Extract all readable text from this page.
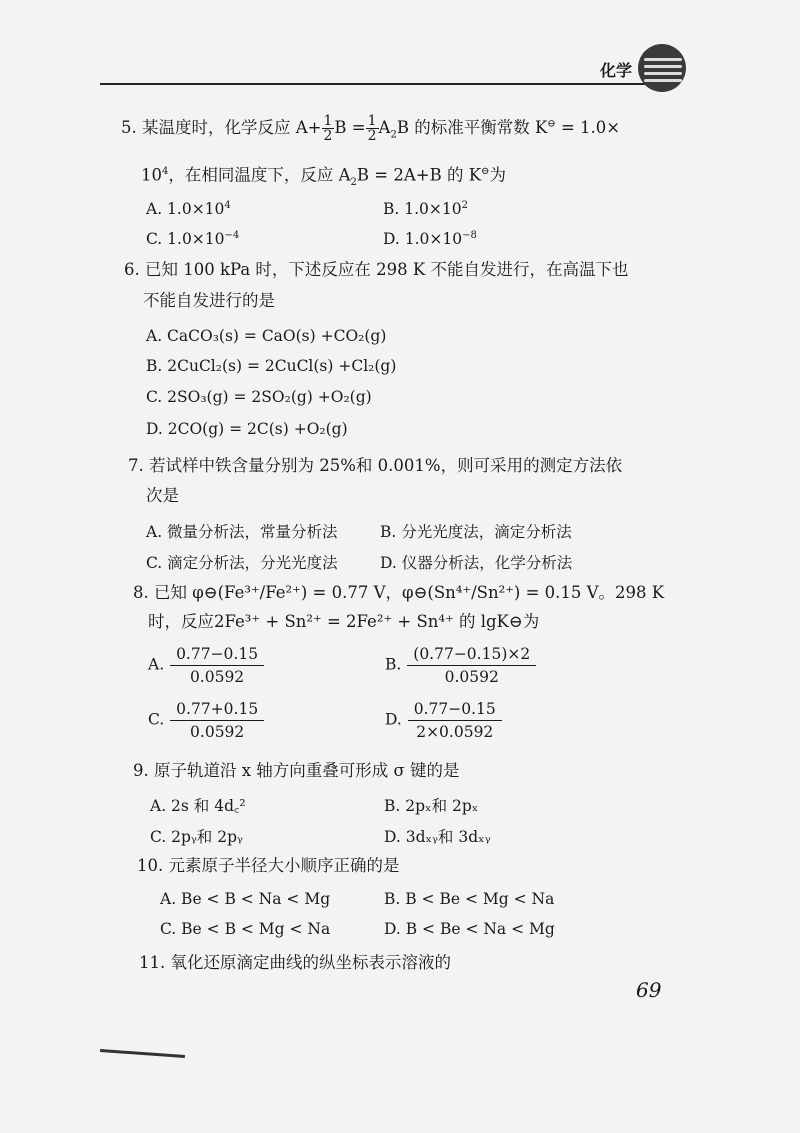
化学
5. 某温度时，化学反应 $A+ \frac{1}{2}$ $B = \frac{1}{2} A_2B$ 的标准平衡常数 K⊖ = 1.0×
$10^4$，在相同温度下，反应 $A_2B = 2A+B$ 的 K⊖为
A. $1.0\times 10^4$	B. $1.0\times 10^2$
C. $1.0\times 10^{-4}$	D. $1.0\times 10^{-8}$
6. 已知 100 kPa 时，下述反应在 298 K 不能自发进行，在高温下也
不能自发进行的是
A. CaCO₃(s) = CaO(s) +CO₂(g)
B. 2CuCl₂(s) = 2CuCl(s) +Cl₂(g)
C. 2SO₃(g) = 2SO₂(g) +O₂(g)
D. 2CO(g) = 2C(s) +O₂(g)
7. 若试样中铁含量分别为 25%和 0.001%，则可采用的测定方法依
次是
A. 微量分析法，常量分析法	B. 分光光度法，滴定分析法
C. 滴定分析法，分光光度法	D. 仪器分析法，化学分析法
8. 已知 φ⊖(Fe³⁺/Fe²⁺) = 0.77 V，φ⊖(Sn⁴⁺/Sn²⁺) = 0.15 V。298 K
时，反应2Fe³⁺ + Sn²⁺ = 2Fe²⁺ + Sn⁴⁺ 的 lgK⊖为
A. $\frac{0.77-0.15}{0.0592}$	B. $\frac{(0.77-0.15)\times 2}{0.0592}$
C. $\frac{0.77+0.15}{0.0592}$	D. $\frac{0.77-0.15}{2\times 0.0592}$
9. 原子轨道沿 x 轴方向重叠可形成 σ 键的是
A. 2s 和 4d꜀²	B. 2pₓ和 2pₓ
C. 2pᵧ和 2pᵧ	D. 3dₓᵧ和 3dₓᵧ
10. 元素原子半径大小顺序正确的是
A. Be < B < Na < Mg	B. B < Be < Mg < Na
C. Be < B < Mg < Na	D. B < Be < Na < Mg
11. 氧化还原滴定曲线的纵坐标表示溶液的
69
